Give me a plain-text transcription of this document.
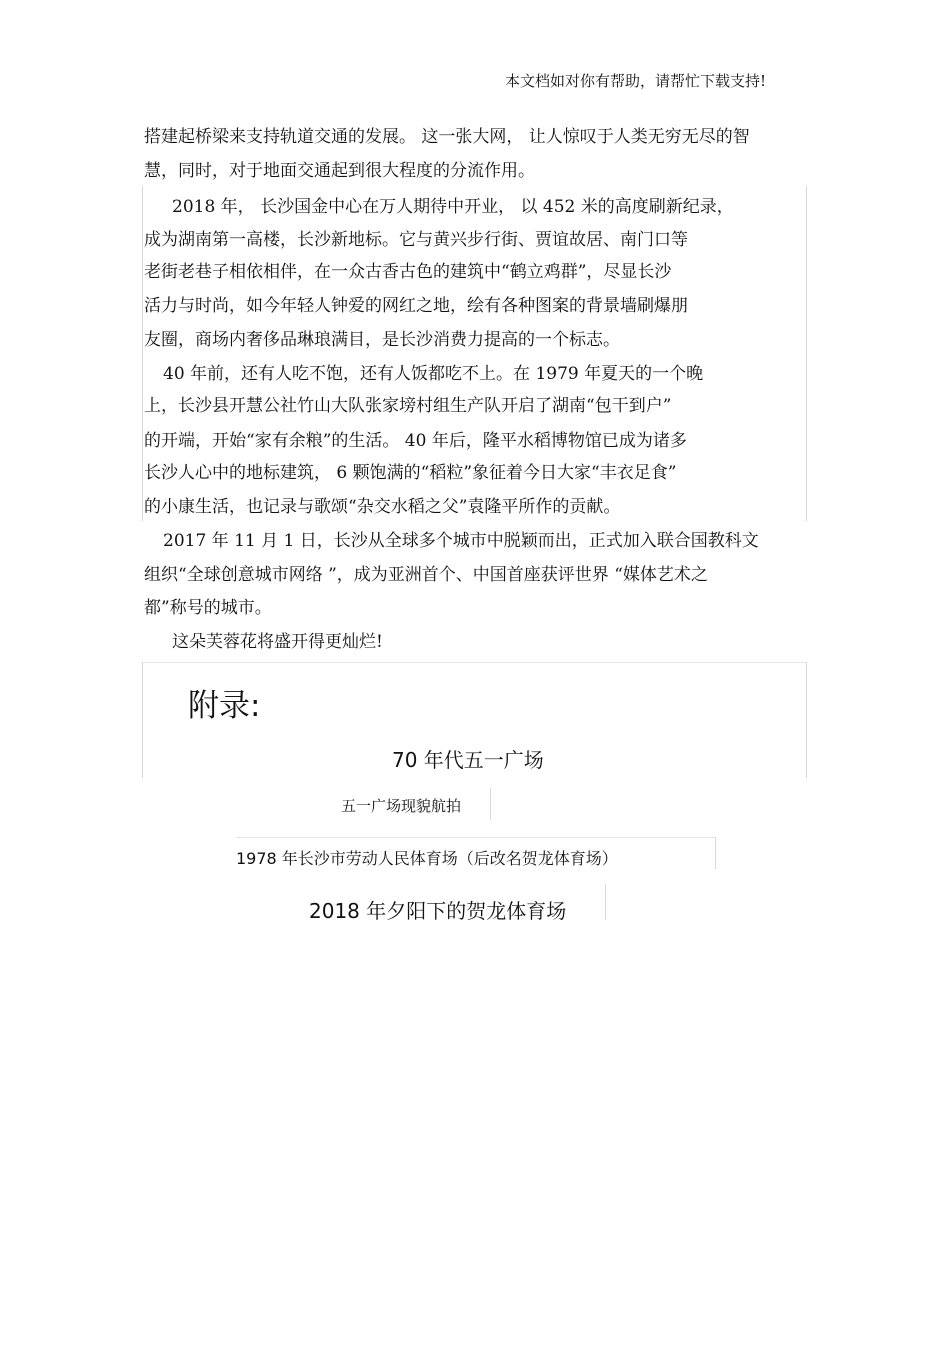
本文档如对你有帮助，请帮忙下载支持!
搭建起桥梁来支持轨道交通的发展。 这一张大网， 让人惊叹于人类无穷无尽的智
慧，同时，对于地面交通起到很大程度的分流作用。
2018 年， 长沙国金中心在万人期待中开业， 以 452 米的高度刷新纪录，
成为湖南第一高楼，长沙新地标。它与黄兴步行街、贾谊故居、南门口等
老街老巷子相依相伴，在一众古香古色的建筑中“鹤立鸡群”，尽显长沙
活力与时尚，如今年轻人钟爱的网红之地，绘有各种图案的背景墙刷爆朋
友圈，商场内奢侈品琳琅满目，是长沙消费力提高的一个标志。
40 年前，还有人吃不饱，还有人饭都吃不上。在 1979 年夏天的一个晚
上，长沙县开慧公社竹山大队张家塝村组生产队开启了湖南“包干到户”
的开端，开始“家有余粮”的生活。 40 年后，隆平水稻博物馆已成为诸多
长沙人心中的地标建筑， 6 颗饱满的“稻粒”象征着今日大家“丰衣足食”
的小康生活，也记录与歌颂“杂交水稻之父”袁隆平所作的贡献。
2017 年 11 月 1 日，长沙从全球多个城市中脱颖而出，正式加入联合国教科文
组织“全球创意城市网络 ”，成为亚洲首个、中国首座获评世界 “媒体艺术之
都”称号的城市。
这朵芙蓉花将盛开得更灿烂!
附录:
70 年代五一广场
五一广场现貌航拍
1978 年长沙市劳动人民体育场（后改名贺龙体育场）
2018 年夕阳下的贺龙体育场
